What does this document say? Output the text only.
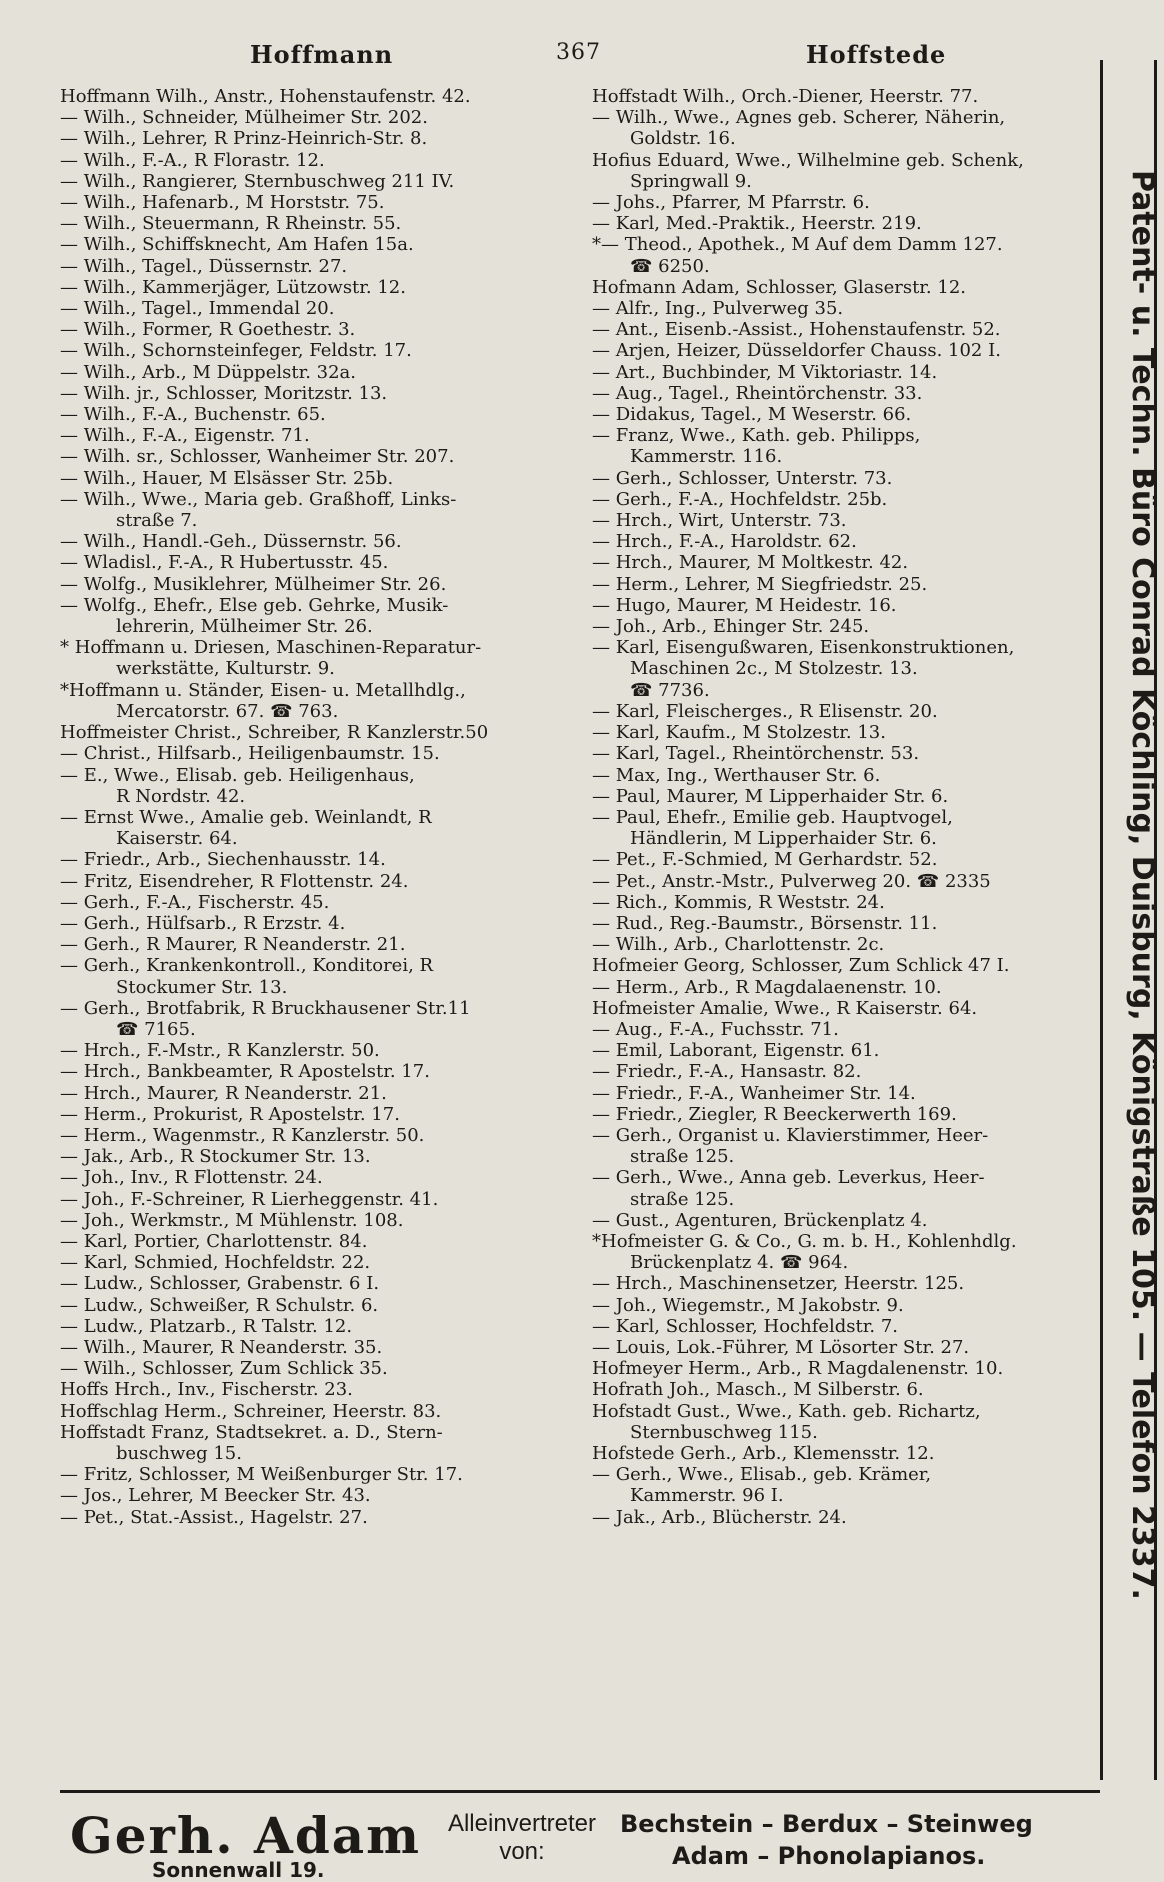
Hoffmann	367	Hoffstede
Hoffmann Wilh., Anstr., Hohenstaufenstr. 42.
— Wilh., Schneider, Mülheimer Str. 202.
— Wilh., Lehrer, R Prinz-Heinrich-Str. 8.
— Wilh., F.-A., R Florastr. 12.
— Wilh., Rangierer, Sternbuschweg 211 IV.
— Wilh., Hafenarb., M Horststr. 75.
— Wilh., Steuermann, R Rheinstr. 55.
— Wilh., Schiffsknecht, Am Hafen 15a.
— Wilh., Tagel., Düssernstr. 27.
— Wilh., Kammerjäger, Lützowstr. 12.
— Wilh., Tagel., Immendal 20.
— Wilh., Former, R Goethestr. 3.
— Wilh., Schornsteinfeger, Feldstr. 17.
— Wilh., Arb., M Düppelstr. 32a.
— Wilh. jr., Schlosser, Moritzstr. 13.
— Wilh., F.-A., Buchenstr. 65.
— Wilh., F.-A., Eigenstr. 71.
— Wilh. sr., Schlosser, Wanheimer Str. 207.
— Wilh., Hauer, M Elsässer Str. 25b.
— Wilh., Wwe., Maria geb. Graßhoff, Links-
straße 7.
— Wilh., Handl.-Geh., Düssernstr. 56.
— Wladisl., F.-A., R Hubertusstr. 45.
— Wolfg., Musiklehrer, Mülheimer Str. 26.
— Wolfg., Ehefr., Else geb. Gehrke, Musik-
lehrerin, Mülheimer Str. 26.
* Hoffmann u. Driesen, Maschinen-Reparatur-
werkstätte, Kulturstr. 9.
*Hoffmann u. Ständer, Eisen- u. Metallhdlg.,
Mercatorstr. 67. ☎ 763.
Hoffmeister Christ., Schreiber, R Kanzlerstr.50
— Christ., Hilfsarb., Heiligenbaumstr. 15.
— E., Wwe., Elisab. geb. Heiligenhaus,
R Nordstr. 42.
— Ernst Wwe., Amalie geb. Weinlandt, R
Kaiserstr. 64.
— Friedr., Arb., Siechenhausstr. 14.
— Fritz, Eisendreher, R Flottenstr. 24.
— Gerh., F.-A., Fischerstr. 45.
— Gerh., Hülfsarb., R Erzstr. 4.
— Gerh., R Maurer, R Neanderstr. 21.
— Gerh., Krankenkontroll., Konditorei, R
Stockumer Str. 13.
— Gerh., Brotfabrik, R Bruckhausener Str.11
☎ 7165.
— Hrch., F.-Mstr., R Kanzlerstr. 50.
— Hrch., Bankbeamter, R Apostelstr. 17.
— Hrch., Maurer, R Neanderstr. 21.
— Herm., Prokurist, R Apostelstr. 17.
— Herm., Wagenmstr., R Kanzlerstr. 50.
— Jak., Arb., R Stockumer Str. 13.
— Joh., Inv., R Flottenstr. 24.
— Joh., F.-Schreiner, R Lierheggenstr. 41.
— Joh., Werkmstr., M Mühlenstr. 108.
— Karl, Portier, Charlottenstr. 84.
— Karl, Schmied, Hochfeldstr. 22.
— Ludw., Schlosser, Grabenstr. 6 I.
— Ludw., Schweißer, R Schulstr. 6.
— Ludw., Platzarb., R Talstr. 12.
— Wilh., Maurer, R Neanderstr. 35.
— Wilh., Schlosser, Zum Schlick 35.
Hoffs Hrch., Inv., Fischerstr. 23.
Hoffschlag Herm., Schreiner, Heerstr. 83.
Hoffstadt Franz, Stadtsekret. a. D., Stern-
buschweg 15.
— Fritz, Schlosser, M Weißenburger Str. 17.
— Jos., Lehrer, M Beecker Str. 43.
— Pet., Stat.-Assist., Hagelstr. 27.
Hoffstadt Wilh., Orch.-Diener, Heerstr. 77.
— Wilh., Wwe., Agnes geb. Scherer, Näherin,
Goldstr. 16.
Hofius Eduard, Wwe., Wilhelmine geb. Schenk,
Springwall 9.
— Johs., Pfarrer, M Pfarrstr. 6.
— Karl, Med.-Praktik., Heerstr. 219.
*— Theod., Apothek., M Auf dem Damm 127.
☎ 6250.
Hofmann Adam, Schlosser, Glaserstr. 12.
— Alfr., Ing., Pulverweg 35.
— Ant., Eisenb.-Assist., Hohenstaufenstr. 52.
— Arjen, Heizer, Düsseldorfer Chauss. 102 I.
— Art., Buchbinder, M Viktoriastr. 14.
— Aug., Tagel., Rheintörchenstr. 33.
— Didakus, Tagel., M Weserstr. 66.
— Franz, Wwe., Kath. geb. Philipps,
Kammerstr. 116.
— Gerh., Schlosser, Unterstr. 73.
— Gerh., F.-A., Hochfeldstr. 25b.
— Hrch., Wirt, Unterstr. 73.
— Hrch., F.-A., Haroldstr. 62.
— Hrch., Maurer, M Moltkestr. 42.
— Herm., Lehrer, M Siegfriedstr. 25.
— Hugo, Maurer, M Heidestr. 16.
— Joh., Arb., Ehinger Str. 245.
— Karl, Eisengußwaren, Eisenkonstruktionen,
Maschinen 2c., M Stolzestr. 13.
☎ 7736.
— Karl, Fleischerges., R Elisenstr. 20.
— Karl, Kaufm., M Stolzestr. 13.
— Karl, Tagel., Rheintörchenstr. 53.
— Max, Ing., Werthauser Str. 6.
— Paul, Maurer, M Lipperhaider Str. 6.
— Paul, Ehefr., Emilie geb. Hauptvogel,
Händlerin, M Lipperhaider Str. 6.
— Pet., F.-Schmied, M Gerhardstr. 52.
— Pet., Anstr.-Mstr., Pulverweg 20. ☎ 2335
— Rich., Kommis, R Weststr. 24.
— Rud., Reg.-Baumstr., Börsenstr. 11.
— Wilh., Arb., Charlottenstr. 2c.
Hofmeier Georg, Schlosser, Zum Schlick 47 I.
— Herm., Arb., R Magdalaenenstr. 10.
Hofmeister Amalie, Wwe., R Kaiserstr. 64.
— Aug., F.-A., Fuchsstr. 71.
— Emil, Laborant, Eigenstr. 61.
— Friedr., F.-A., Hansastr. 82.
— Friedr., F.-A., Wanheimer Str. 14.
— Friedr., Ziegler, R Beeckerwerth 169.
— Gerh., Organist u. Klavierstimmer, Heer-
straße 125.
— Gerh., Wwe., Anna geb. Leverkus, Heer-
straße 125.
— Gust., Agenturen, Brückenplatz 4.
*Hofmeister G. & Co., G. m. b. H., Kohlenhdlg.
Brückenplatz 4. ☎ 964.
— Hrch., Maschinensetzer, Heerstr. 125.
— Joh., Wiegemstr., M Jakobstr. 9.
— Karl, Schlosser, Hochfeldstr. 7.
— Louis, Lok.-Führer, M Lösorter Str. 27.
Hofmeyer Herm., Arb., R Magdalenenstr. 10.
Hofrath Joh., Masch., M Silberstr. 6.
Hofstadt Gust., Wwe., Kath. geb. Richartz,
Sternbuschweg 115.
Hofstede Gerh., Arb., Klemensstr. 12.
— Gerh., Wwe., Elisab., geb. Krämer,
Kammerstr. 96 I.
— Jak., Arb., Blücherstr. 24.	Patent- u. Techn. Büro Conrad Köchling, Duisburg, Königstraße 105. — Telefon 2337.
Gerh. Adam
Sonnenwall 19.
Alleinvertreter
von:
Bechstein – Berdux – Steinweg
Adam – Phonolapianos.
